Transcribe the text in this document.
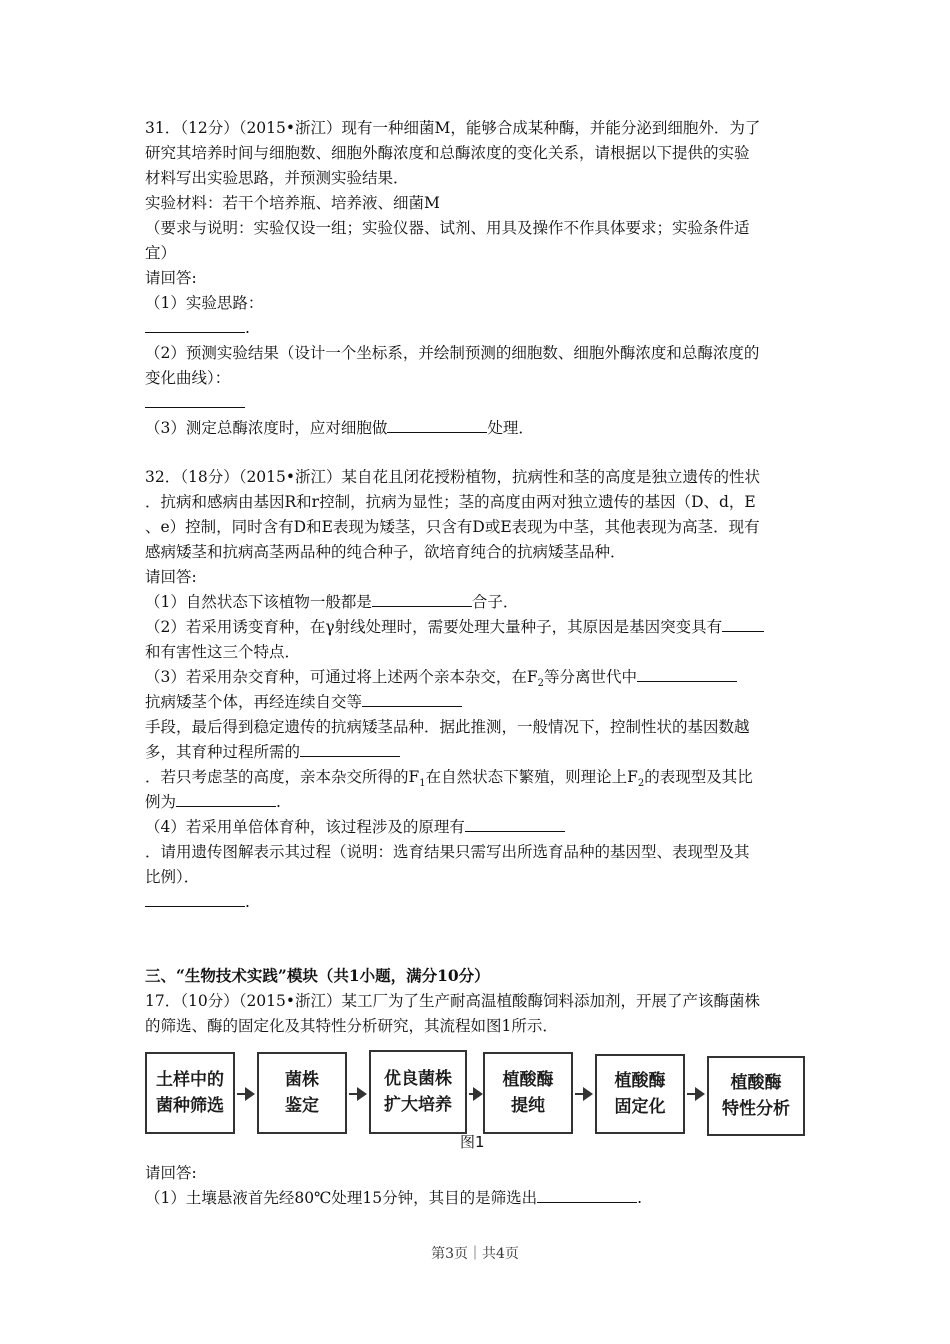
31．（12分）（2015•浙江）现有一种细菌M，能够合成某种酶，并能分泌到细胞外．为了
研究其培养时间与细胞数、细胞外酶浓度和总酶浓度的变化关系，请根据以下提供的实验
材料写出实验思路，并预测实验结果．
实验材料：若干个培养瓶、培养液、细菌M
（要求与说明：实验仅设一组；实验仪器、试剂、用具及操作不作具体要求；实验条件适
宜）
请回答:
（1）实验思路：
.
（2）预测实验结果（设计一个坐标系，并绘制预测的细胞数、细胞外酶浓度和总酶浓度的
变化曲线）：
（3）测定总酶浓度时，应对细胞做	处理．
32．（18分）（2015•浙江）某自花且闭花授粉植物，抗病性和茎的高度是独立遗传的性状
．抗病和感病由基因R和r控制，抗病为显性；茎的高度由两对独立遗传的基因（D、d，E
、e）控制，同时含有D和E表现为矮茎，只含有D或E表现为中茎，其他表现为高茎．现有
感病矮茎和抗病高茎两品种的纯合种子，欲培育纯合的抗病矮茎品种．
请回答:
（1）自然状态下该植物一般都是	合子．
（2）若采用诱变育种，在γ射线处理时，需要处理大量种子，其原因是基因突变具有
和有害性这三个特点．
（3）若采用杂交育种，可通过将上述两个亲本杂交，在$F_2$等分离世代中
抗病矮茎个体，再经连续自交等
手段，最后得到稳定遗传的抗病矮茎品种．据此推测，一般情况下，控制性状的基因数越
多，其育种过程所需的
．若只考虑茎的高度，亲本杂交所得的$F_1$在自然状态下繁殖，则理论上$F_2$的表现型及其比
例为	.
（4）若采用单倍体育种，该过程涉及的原理有
．请用遗传图解表示其过程（说明：选育结果只需写出所选育品种的基因型、表现型及其
比例）．
.
三、“生物技术实践”模块（共1小题，满分10分）
17．（10分）（2015•浙江）某工厂为了生产耐高温植酸酶饲料添加剂，开展了产该酶菌株
的筛选、酶的固定化及其特性分析研究，其流程如图1所示．
土样中的
菌种筛选
菌株
鉴定
优良菌株
扩大培养
植酸酶
提纯
植酸酶
固定化
植酸酶
特性分析
图1
请回答:
（1）土壤悬液首先经80℃处理15分钟，其目的是筛选出	.
第3页｜共4页
